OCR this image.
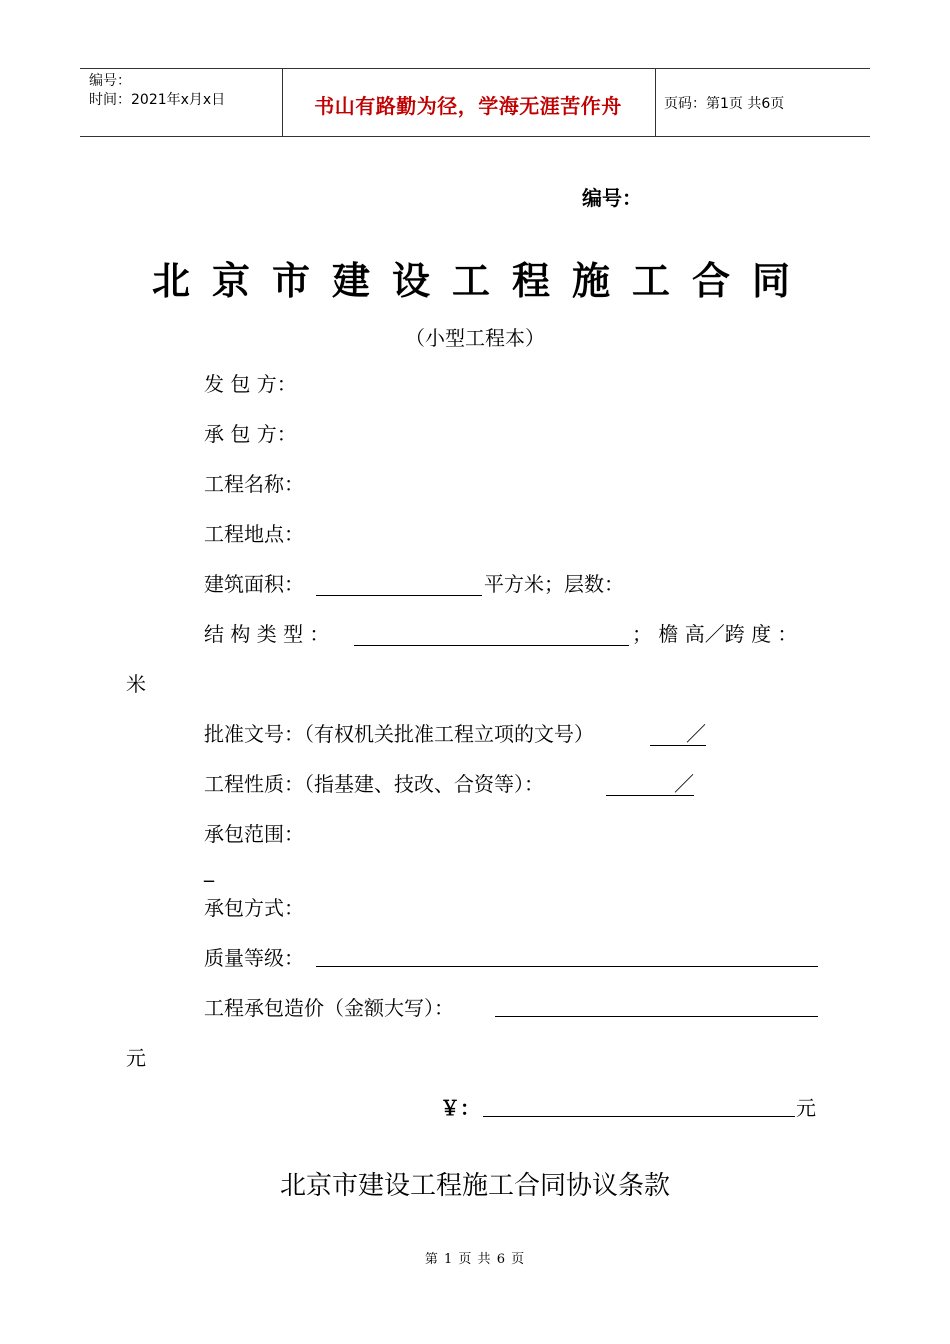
编号：
时间：2021年x月x日	书山有路勤为径，学海无涯苦作舟	页码：第1页 共6页
编号：
北京市建设工程施工合同
（小型工程本）
发 包 方：
承 包 方：
工程名称：
工程地点：
建筑面积：	平方米；层数：
结 构 类 型 ：	； 檐 高／跨 度 ：
米
批准文号：（有权机关批准工程立项的文号）	／
工程性质：（指基建、技改、合资等）：	／
承包范围：
_
承包方式：
质量等级：
工程承包造价（金额大写）：
元
￥：	元
北京市建设工程施工合同协议条款
第 1 页 共 6 页
